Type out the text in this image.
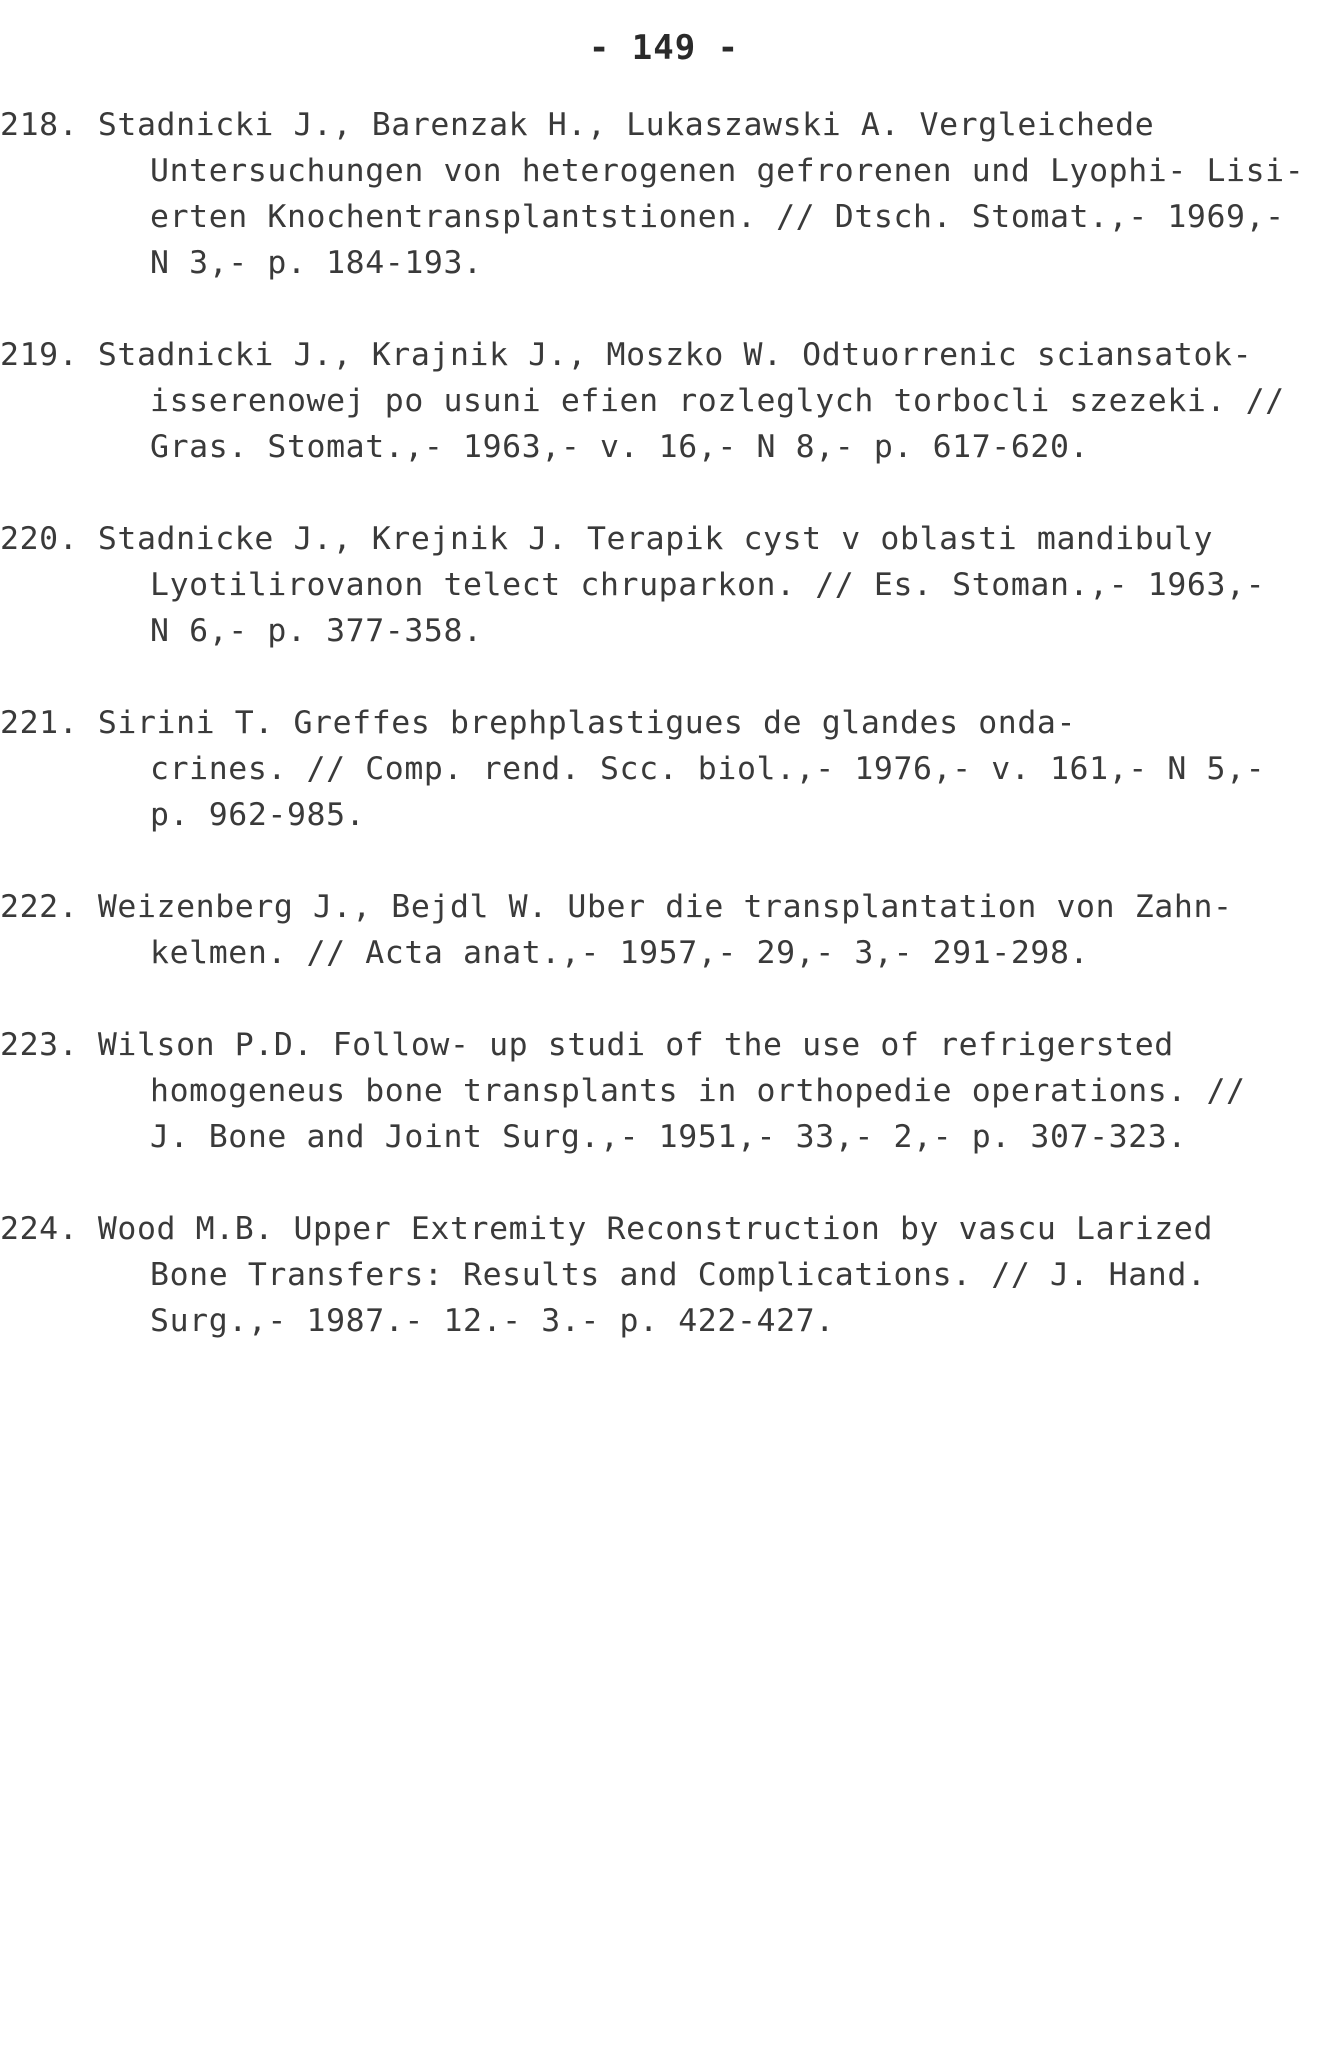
- 149 -
218. Stadnicki J., Barenzak H., Lukaszawski A. Vergleichede
Untersuchungen von heterogenen gefrorenen und Lyophi- Lisi-
erten Knochentransplantstionen. // Dtsch. Stomat.,- 1969,-
N 3,- p. 184-193.
219. Stadnicki J., Krajnik J., Moszko W. Odtuorrenic sciansatok-
isserenowej po usuni efien rozleglych torbocli szezeki. //
Gras. Stomat.,- 1963,- v. 16,- N 8,- p. 617-620.
220. Stadnicke J., Krejnik J. Terapik cyst v oblasti mandibuly
Lyotilirovanon telect chruparkon. // Es. Stoman.,- 1963,-
N 6,- p. 377-358.
221. Sirini T. Greffes brephplastigues de glandes onda-
crines. // Comp. rend. Scc. biol.,- 1976,- v. 161,- N 5,-
p. 962-985.
222. Weizenberg J., Bejdl W. Uber die transplantation von Zahn-
kelmen. // Acta anat.,- 1957,- 29,- 3,- 291-298.
223. Wilson P.D. Follow- up studi of the use of refrigersted
homogeneus bone transplants in orthopedie operations. //
J. Bone and Joint Surg.,- 1951,- 33,- 2,- p. 307-323.
224. Wood M.B. Upper Extremity Reconstruction by vascu Larized
Bone Transfers: Results and Complications. // J. Hand.
Surg.,- 1987.- 12.- 3.- p. 422-427.
